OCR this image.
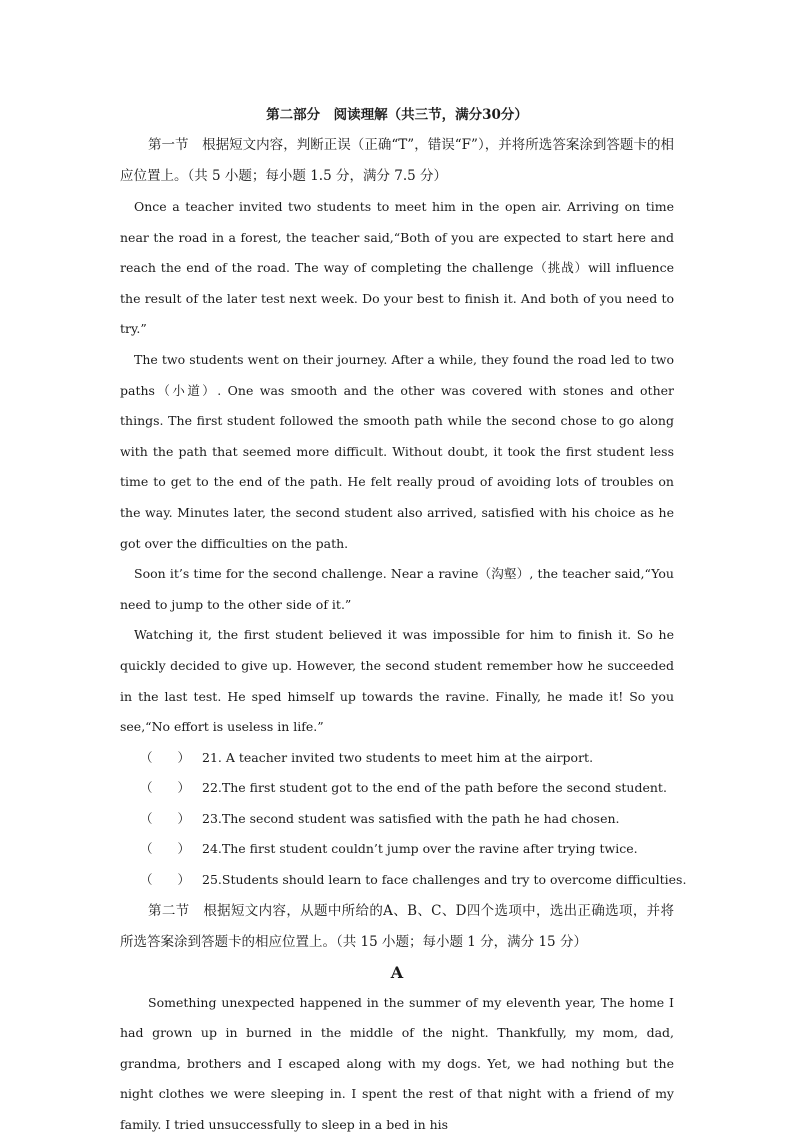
第二部分　阅读理解（共三节，满分30分）
第一节　根据短文内容，判断正误（正确“T”，错误“F”），并将所选答案涂到答题卡的相应位置上。（共 5 小题；每小题 1.5 分，满分 7.5 分）
Once a teacher invited two students to meet him in the open air. Arriving on time near the road in a forest, the teacher said,“Both of you are expected to start here and reach the end of the road. The way of completing the challenge（挑战）will influence the result of the later test next week. Do your best to finish it. And both of you need to try.”
The two students went on their journey. After a while, they found the road led to two paths（小道）. One was smooth and the other was covered with stones and other things. The first student followed the smooth path while the second chose to go along with the path that seemed more difficult. Without doubt, it took the first student less time to get to the end of the path. He felt really proud of avoiding lots of troubles on the way. Minutes later, the second student also arrived, satisfied with his choice as he got over the difficulties on the path.
Soon it’s time for the second challenge. Near a ravine（沟壑）, the teacher said,“You need to jump to the other side of it.”
Watching it, the first student believed it was impossible for him to finish it. So he quickly decided to give up. However, the second student remember how he succeeded in the last test. He sped himself up towards the ravine. Finally, he made it! So you see,“No effort is useless in life.”
（　　） 21. A teacher invited two students to meet him at the airport.
（　　） 22.The first student got to the end of the path before the second student.
（　　） 23.The second student was satisfied with the path he had chosen.
（　　） 24.The first student couldn’t jump over the ravine after trying twice.
（　　） 25.Students should learn to face challenges and try to overcome difficulties.
第二节　根据短文内容，从题中所给的A、B、C、D四个选项中，选出正确选项，并将所选答案涂到答题卡的相应位置上。（共 15 小题；每小题 1 分，满分 15 分）
A
Something unexpected happened in the summer of my eleventh year, The home I had grown up in burned in the middle of the night. Thankfully, my mom, dad, grandma, brothers and I escaped along with my dogs. Yet, we had nothing but the night clothes we were sleeping in. I spent the rest of that night with a friend of my family. I tried unsuccessfully to sleep in a bed in his
